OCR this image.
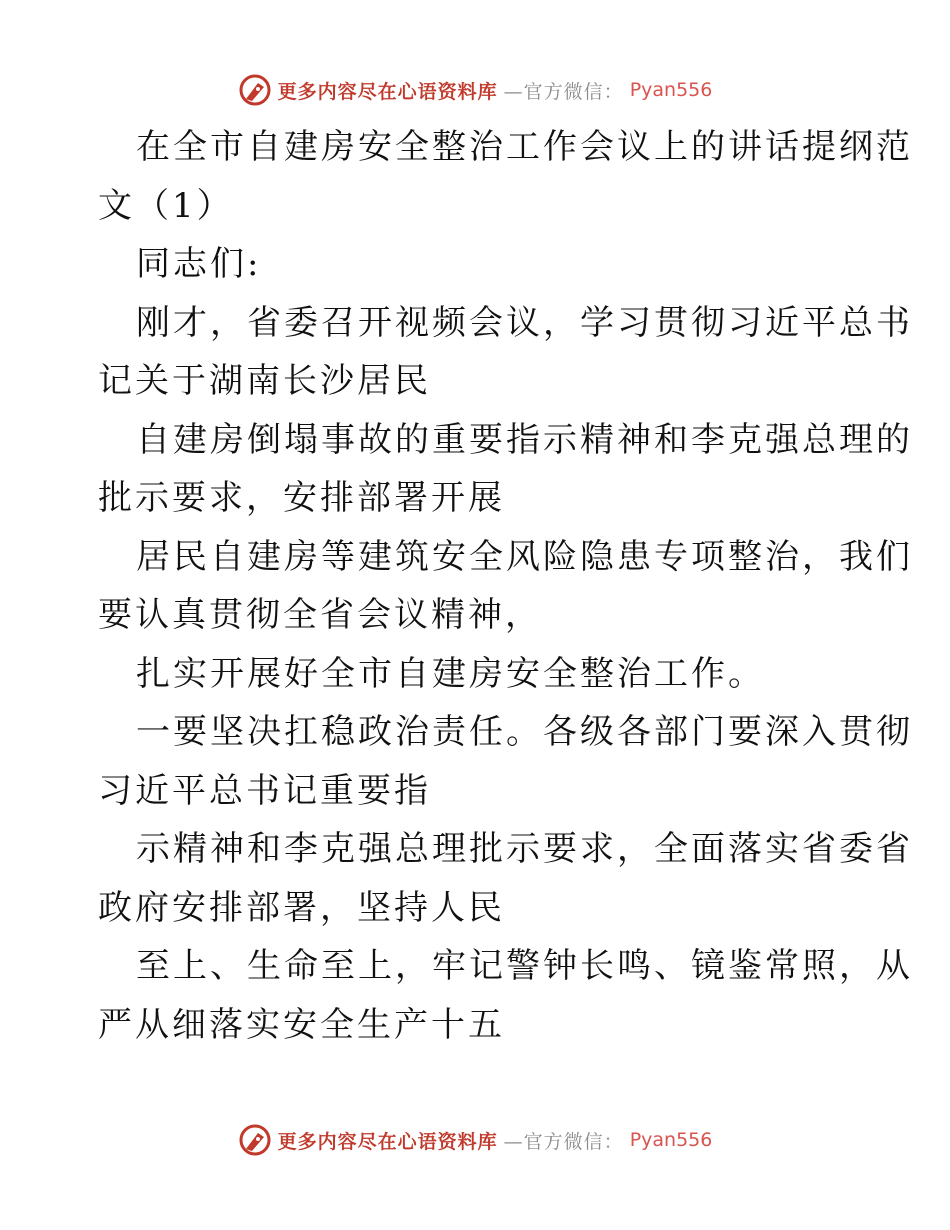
更多内容尽在心语资料库 —官方微信： Pyan556
在全市自建房安全整治工作会议上的讲话提纲范
文（1）
同志们:
刚才，省委召开视频会议，学习贯彻习近平总书
记关于湖南长沙居民
自建房倒塌事故的重要指示精神和李克强总理的
批示要求，安排部署开展
居民自建房等建筑安全风险隐患专项整治，我们
要认真贯彻全省会议精神，
扎实开展好全市自建房安全整治工作。
一要坚决扛稳政治责任。各级各部门要深入贯彻
习近平总书记重要指
示精神和李克强总理批示要求，全面落实省委省
政府安排部署，坚持人民
至上、生命至上，牢记警钟长鸣、镜鉴常照，从
严从细落实安全生产十五
更多内容尽在心语资料库 —官方微信： Pyan556
